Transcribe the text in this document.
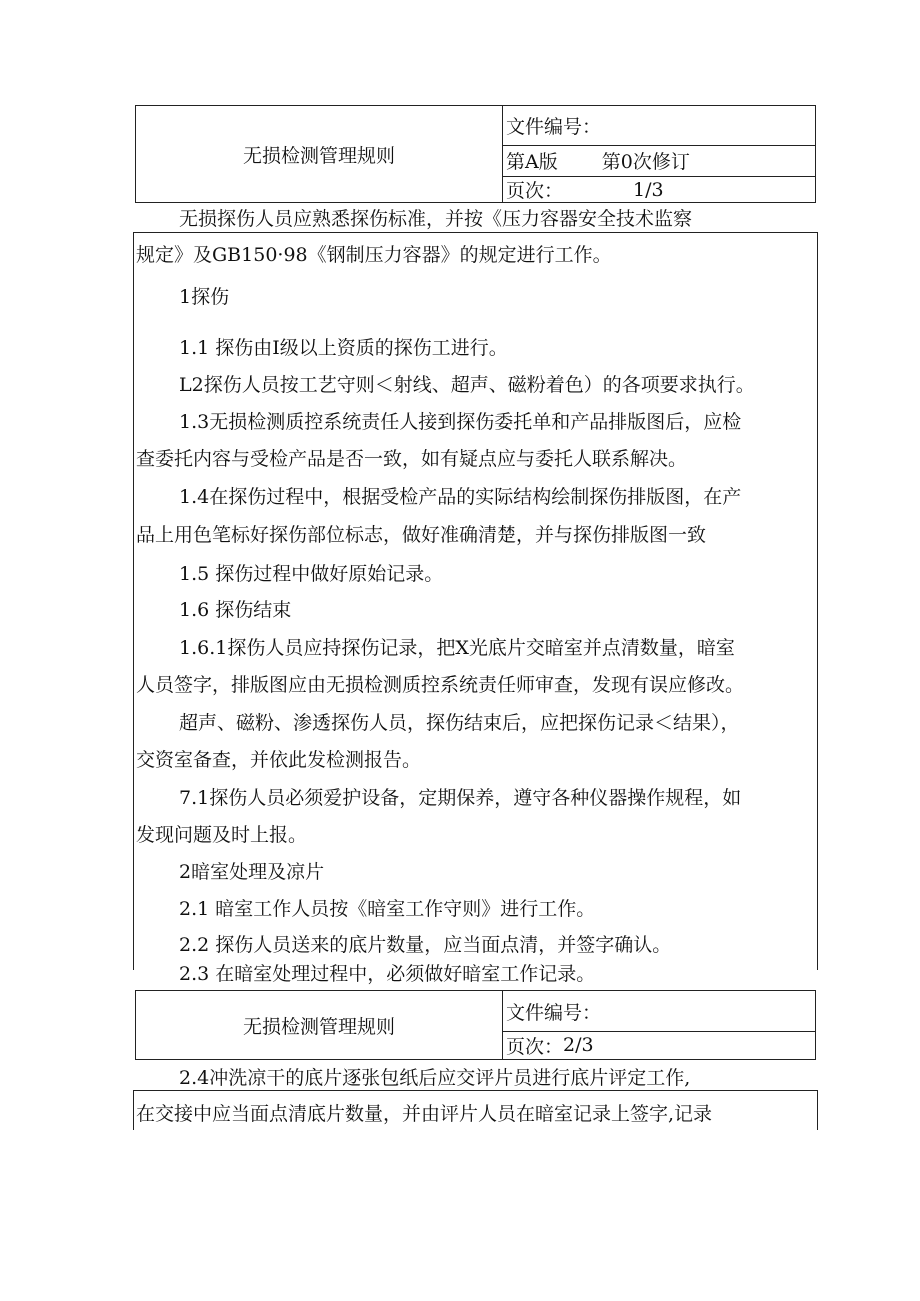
无损检测管理规则
文件编号：
第A版 第0次修订
页次：	1/3
无损探伤人员应熟悉探伤标准，并按《压力容器安全技术监察
规定》及GB150·98《钢制压力容器》的规定进行工作。
1探伤
1.1 探伤由I级以上资质的探伤工进行。
L2探伤人员按工艺守则＜射线、超声、磁粉着色）的各项要求执行。
1.3无损检测质控系统责任人接到探伤委托单和产品排版图后，应检
查委托内容与受检产品是否一致，如有疑点应与委托人联系解决。
1.4在探伤过程中，根据受检产品的实际结构绘制探伤排版图，在产
品上用色笔标好探伤部位标志，做好准确清楚，并与探伤排版图一致
1.5 探伤过程中做好原始记录。
1.6 探伤结束
1.6.1探伤人员应持探伤记录，把X光底片交暗室并点清数量，暗室
人员签字，排版图应由无损检测质控系统责任师审查，发现有误应修改。
超声、磁粉、渗透探伤人员，探伤结束后，应把探伤记录＜结果），
交资室备查，并依此发检测报告。
7.1探伤人员必须爱护设备，定期保养，遵守各种仪器操作规程，如
发现问题及时上报。
2暗室处理及凉片
2.1 暗室工作人员按《暗室工作守则》进行工作。
2.2 探伤人员送来的底片数量，应当面点清，并签字确认。
2.3 在暗室处理过程中，必须做好暗室工作记录。
无损检测管理规则
文件编号：
页次： 2/3
2.4冲洗凉干的底片逐张包纸后应交评片员进行底片评定工作,
在交接中应当面点清底片数量，并由评片人员在暗室记录上签字,记录
